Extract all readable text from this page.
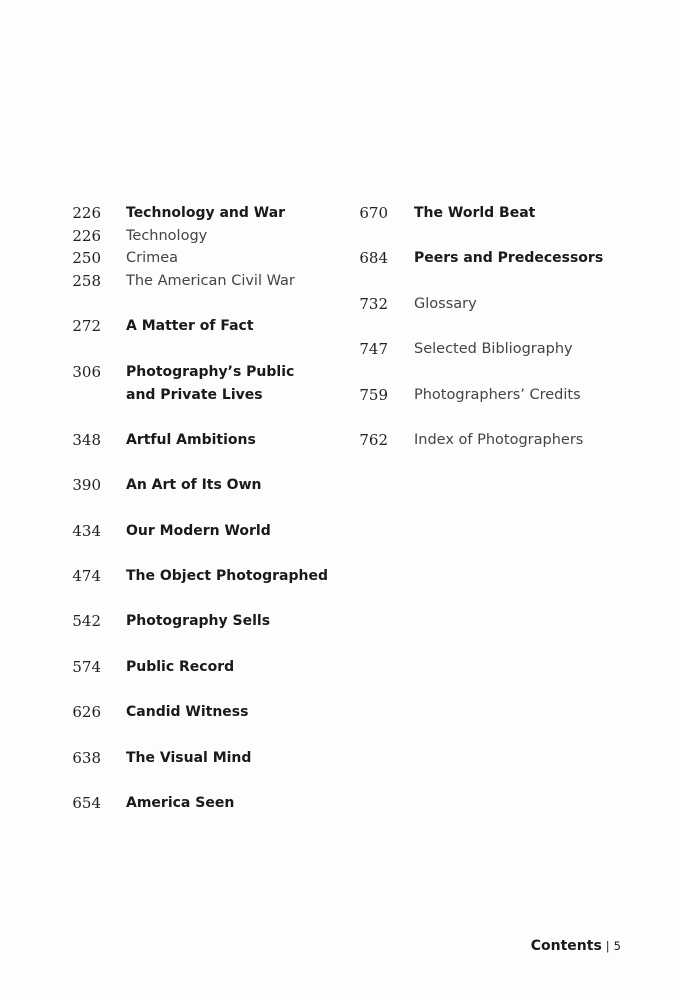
226 Technology and War
226 Technology
250 Crimea
258 The American Civil War
272 A Matter of Fact
306 Photography’s Public
and Private Lives
348 Artful Ambitions
390 An Art of Its Own
434 Our Modern World
474 The Object Photographed
542 Photography Sells
574 Public Record
626 Candid Witness
638 The Visual Mind
654 America Seen
670 The World Beat
684 Peers and Predecessors
732 Glossary
747 Selected Bibliography
759 Photographers’ Credits
762 Index of Photographers
Contents | 5
